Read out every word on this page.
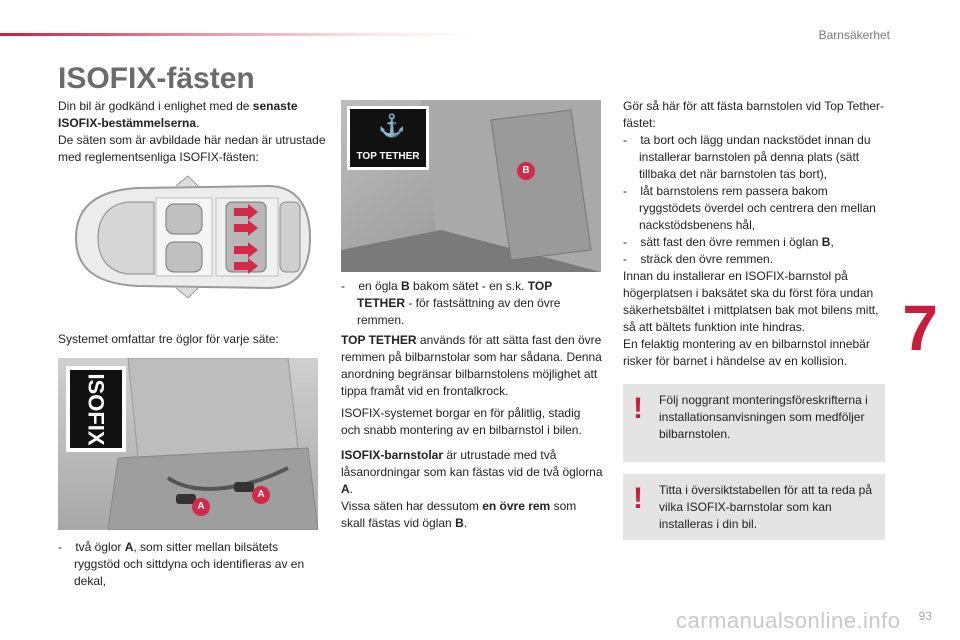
Barnsäkerhet
7
ISOFIX-fästen
Din bil är godkänd i enlighet med de senaste ISOFIX-bestämmelserna.
De säten som är avbildade här nedan är utrustade med reglementsenliga ISOFIX-fästen:
Systemet omfattar tre öglor för varje säte:
ISOFIX
A
A
-    två öglor A, som sitter mellan bilsätets ryggstöd och sittdyna och identifieras av en dekal,
⚓
TOP TETHER
B
-    en ögla B bakom sätet - en s.k. TOP TETHER - för fastsättning av den övre remmen.
TOP TETHER används för att sätta fast den övre remmen på bilbarnstolar som har sådana. Denna anordning begränsar bilbarnstolens möjlighet att tippa framåt vid en frontalkrock.
ISOFIX-systemet borgar en för pålitlig, stadig och snabb montering av en bilbarnstol i bilen.
ISOFIX-barnstolar är utrustade med två låsanordningar som kan fästas vid de två öglorna A.
Vissa säten har dessutom en övre rem som skall fästas vid öglan B.
Gör så här för att fästa barnstolen vid Top Tether-fästet:
-    ta bort och lägg undan nackstödet innan du installerar barnstolen på denna plats (sätt tillbaka det när barnstolen tas bort),
-    låt barnstolens rem passera bakom ryggstödets överdel och centrera den mellan nackstödsbenens hål,
-    sätt fast den övre remmen i öglan B,
-    sträck den övre remmen.
Innan du installerar en ISOFIX-barnstol på högerplatsen i baksätet ska du först föra undan säkerhetsbältet i mittplatsen bak mot bilens mitt, så att bältets funktion inte hindras.
En felaktig montering av en bilbarnstol innebär risker för barnet i händelse av en kollision.
! Följ noggrant monteringsföreskrifterna i installationsanvisningen som medföljer bilbarnstolen.
! Titta i översiktstabellen för att ta reda på vilka ISOFIX-barnstolar som kan installeras i din bil.
93
carmanualsonline.info
